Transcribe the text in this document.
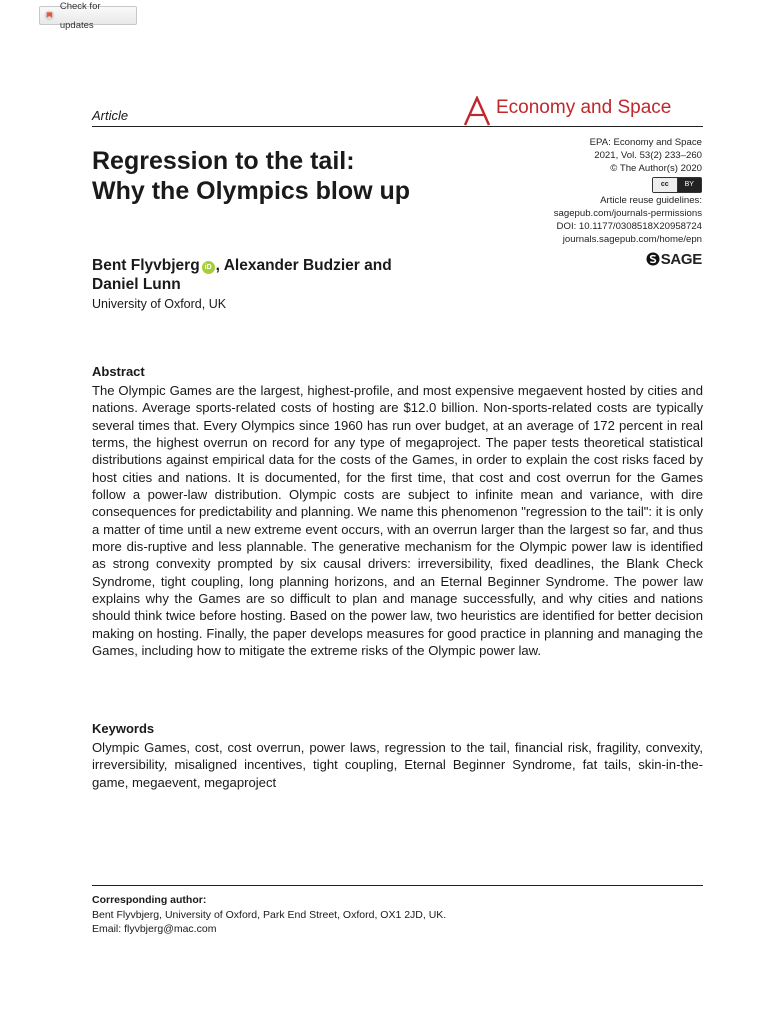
Check for updates
Article	Economy and Space
Regression to the tail:
Why the Olympics blow up
EPA: Economy and Space
2021, Vol. 53(2) 233–260
© The Author(s) 2020
cc	BY
Article reuse guidelines:
sagepub.com/journals-permissions
DOI: 10.1177/0308518X20958724
journals.sagepub.com/home/epn
SAGE
Bent Flyvbjerg iD , Alexander Budzier and
Daniel Lunn
University of Oxford, UK
Abstract
The Olympic Games are the largest, highest-profile, and most expensive megaevent hosted by cities and nations. Average sports-related costs of hosting are $12.0 billion. Non-sports-related costs are typically several times that. Every Olympics since 1960 has run over budget, at an average of 172 percent in real terms, the highest overrun on record for any type of megaproject. The paper tests theoretical statistical distributions against empirical data for the costs of the Games, in order to explain the cost risks faced by host cities and nations. It is documented, for the first time, that cost and cost overrun for the Games follow a power-law distribution. Olympic costs are subject to infinite mean and variance, with dire consequences for predictability and planning. We name this phenomenon "regression to the tail": it is only a matter of time until a new extreme event occurs, with an overrun larger than the largest so far, and thus more dis-ruptive and less plannable. The generative mechanism for the Olympic power law is identified as strong convexity prompted by six causal drivers: irreversibility, fixed deadlines, the Blank Check Syndrome, tight coupling, long planning horizons, and an Eternal Beginner Syndrome. The power law explains why the Games are so difficult to plan and manage successfully, and why cities and nations should think twice before hosting. Based on the power law, two heuristics are identified for better decision making on hosting. Finally, the paper develops measures for good practice in planning and managing the Games, including how to mitigate the extreme risks of the Olympic power law.
Keywords
Olympic Games, cost, cost overrun, power laws, regression to the tail, financial risk, fragility, convexity, irreversibility, misaligned incentives, tight coupling, Eternal Beginner Syndrome, fat tails, skin-in-the-game, megaevent, megaproject
Corresponding author:
Bent Flyvbjerg, University of Oxford, Park End Street, Oxford, OX1 2JD, UK.
Email: flyvbjerg@mac.com
